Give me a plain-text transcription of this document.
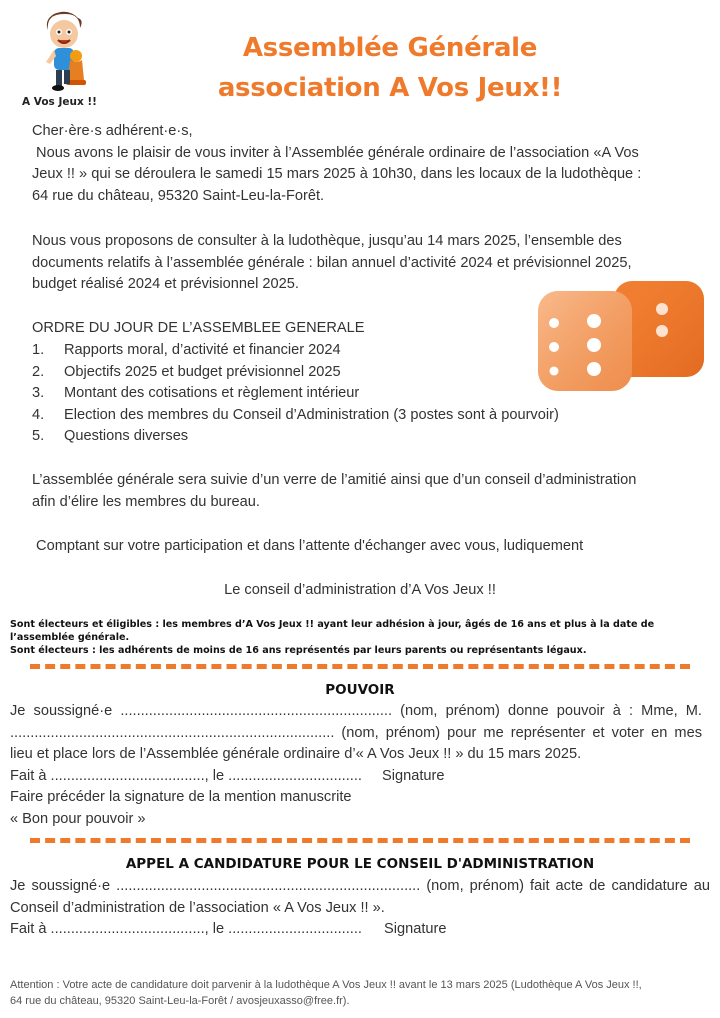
A Vos Jeux !!
Assemblée Générale
association A Vos Jeux!!
Cher·ère·s adhérent·e·s,
Nous avons le plaisir de vous inviter à l’Assemblée générale ordinaire de l’association «A Vos
Jeux !! » qui se déroulera le samedi 15 mars 2025 à 10h30, dans les locaux de la ludothèque :
64 rue du château, 95320 Saint-Leu-la-Forêt.
Nous vous proposons de consulter à la ludothèque, jusqu’au 14 mars 2025, l’ensemble des
documents relatifs à l’assemblée générale : bilan annuel d’activité 2024 et prévisionnel 2025,
budget réalisé 2024 et prévisionnel 2025.
ORDRE DU JOUR DE L’ASSEMBLEE GENERALE
1. Rapports moral, d’activité et financier 2024
2. Objectifs 2025 et budget prévisionnel 2025
3. Montant des cotisations et règlement intérieur
4. Election des membres du Conseil d’Administration (3 postes sont à pourvoir)
5. Questions diverses
L’assemblée générale sera suivie d’un verre de l’amitié ainsi que d’un conseil d’administration
afin d’élire les membres du bureau.
Comptant sur votre participation et dans l’attente d'échanger avec vous, ludiquement
Le conseil d’administration d’A Vos Jeux !!
Sont électeurs et éligibles : les membres d’A Vos Jeux !! ayant leur adhésion à jour, âgés de 16 ans et plus à la date de
l’assemblée générale.
Sont électeurs : les adhérents de moins de 16 ans représentés par leurs parents ou représentants légaux.
POUVOIR
Je soussigné·e ................................................................... (nom, prénom) donne pouvoir à : Mme, M.
................................................................................ (nom, prénom) pour me représenter et voter en mes
lieu et place lors de l’Assemblée générale ordinaire d’« A Vos Jeux !! » du 15 mars 2025.
Fait à ......................................, le ................................. Signature
Faire précéder la signature de la mention manuscrite
« Bon pour pouvoir »
APPEL A CANDIDATURE POUR LE CONSEIL D'ADMINISTRATION
Je soussigné·e ........................................................................... (nom, prénom) fait acte de candidature au
Conseil d’administration de l’association « A Vos Jeux !! ».
Fait à ......................................, le ................................. Signature
Attention : Votre acte de candidature doit parvenir à la ludothèque A Vos Jeux !! avant le 13 mars 2025 (Ludothèque A Vos Jeux !!,
64 rue du château, 95320 Saint-Leu-la-Forêt / avosjeuxasso@free.fr).
